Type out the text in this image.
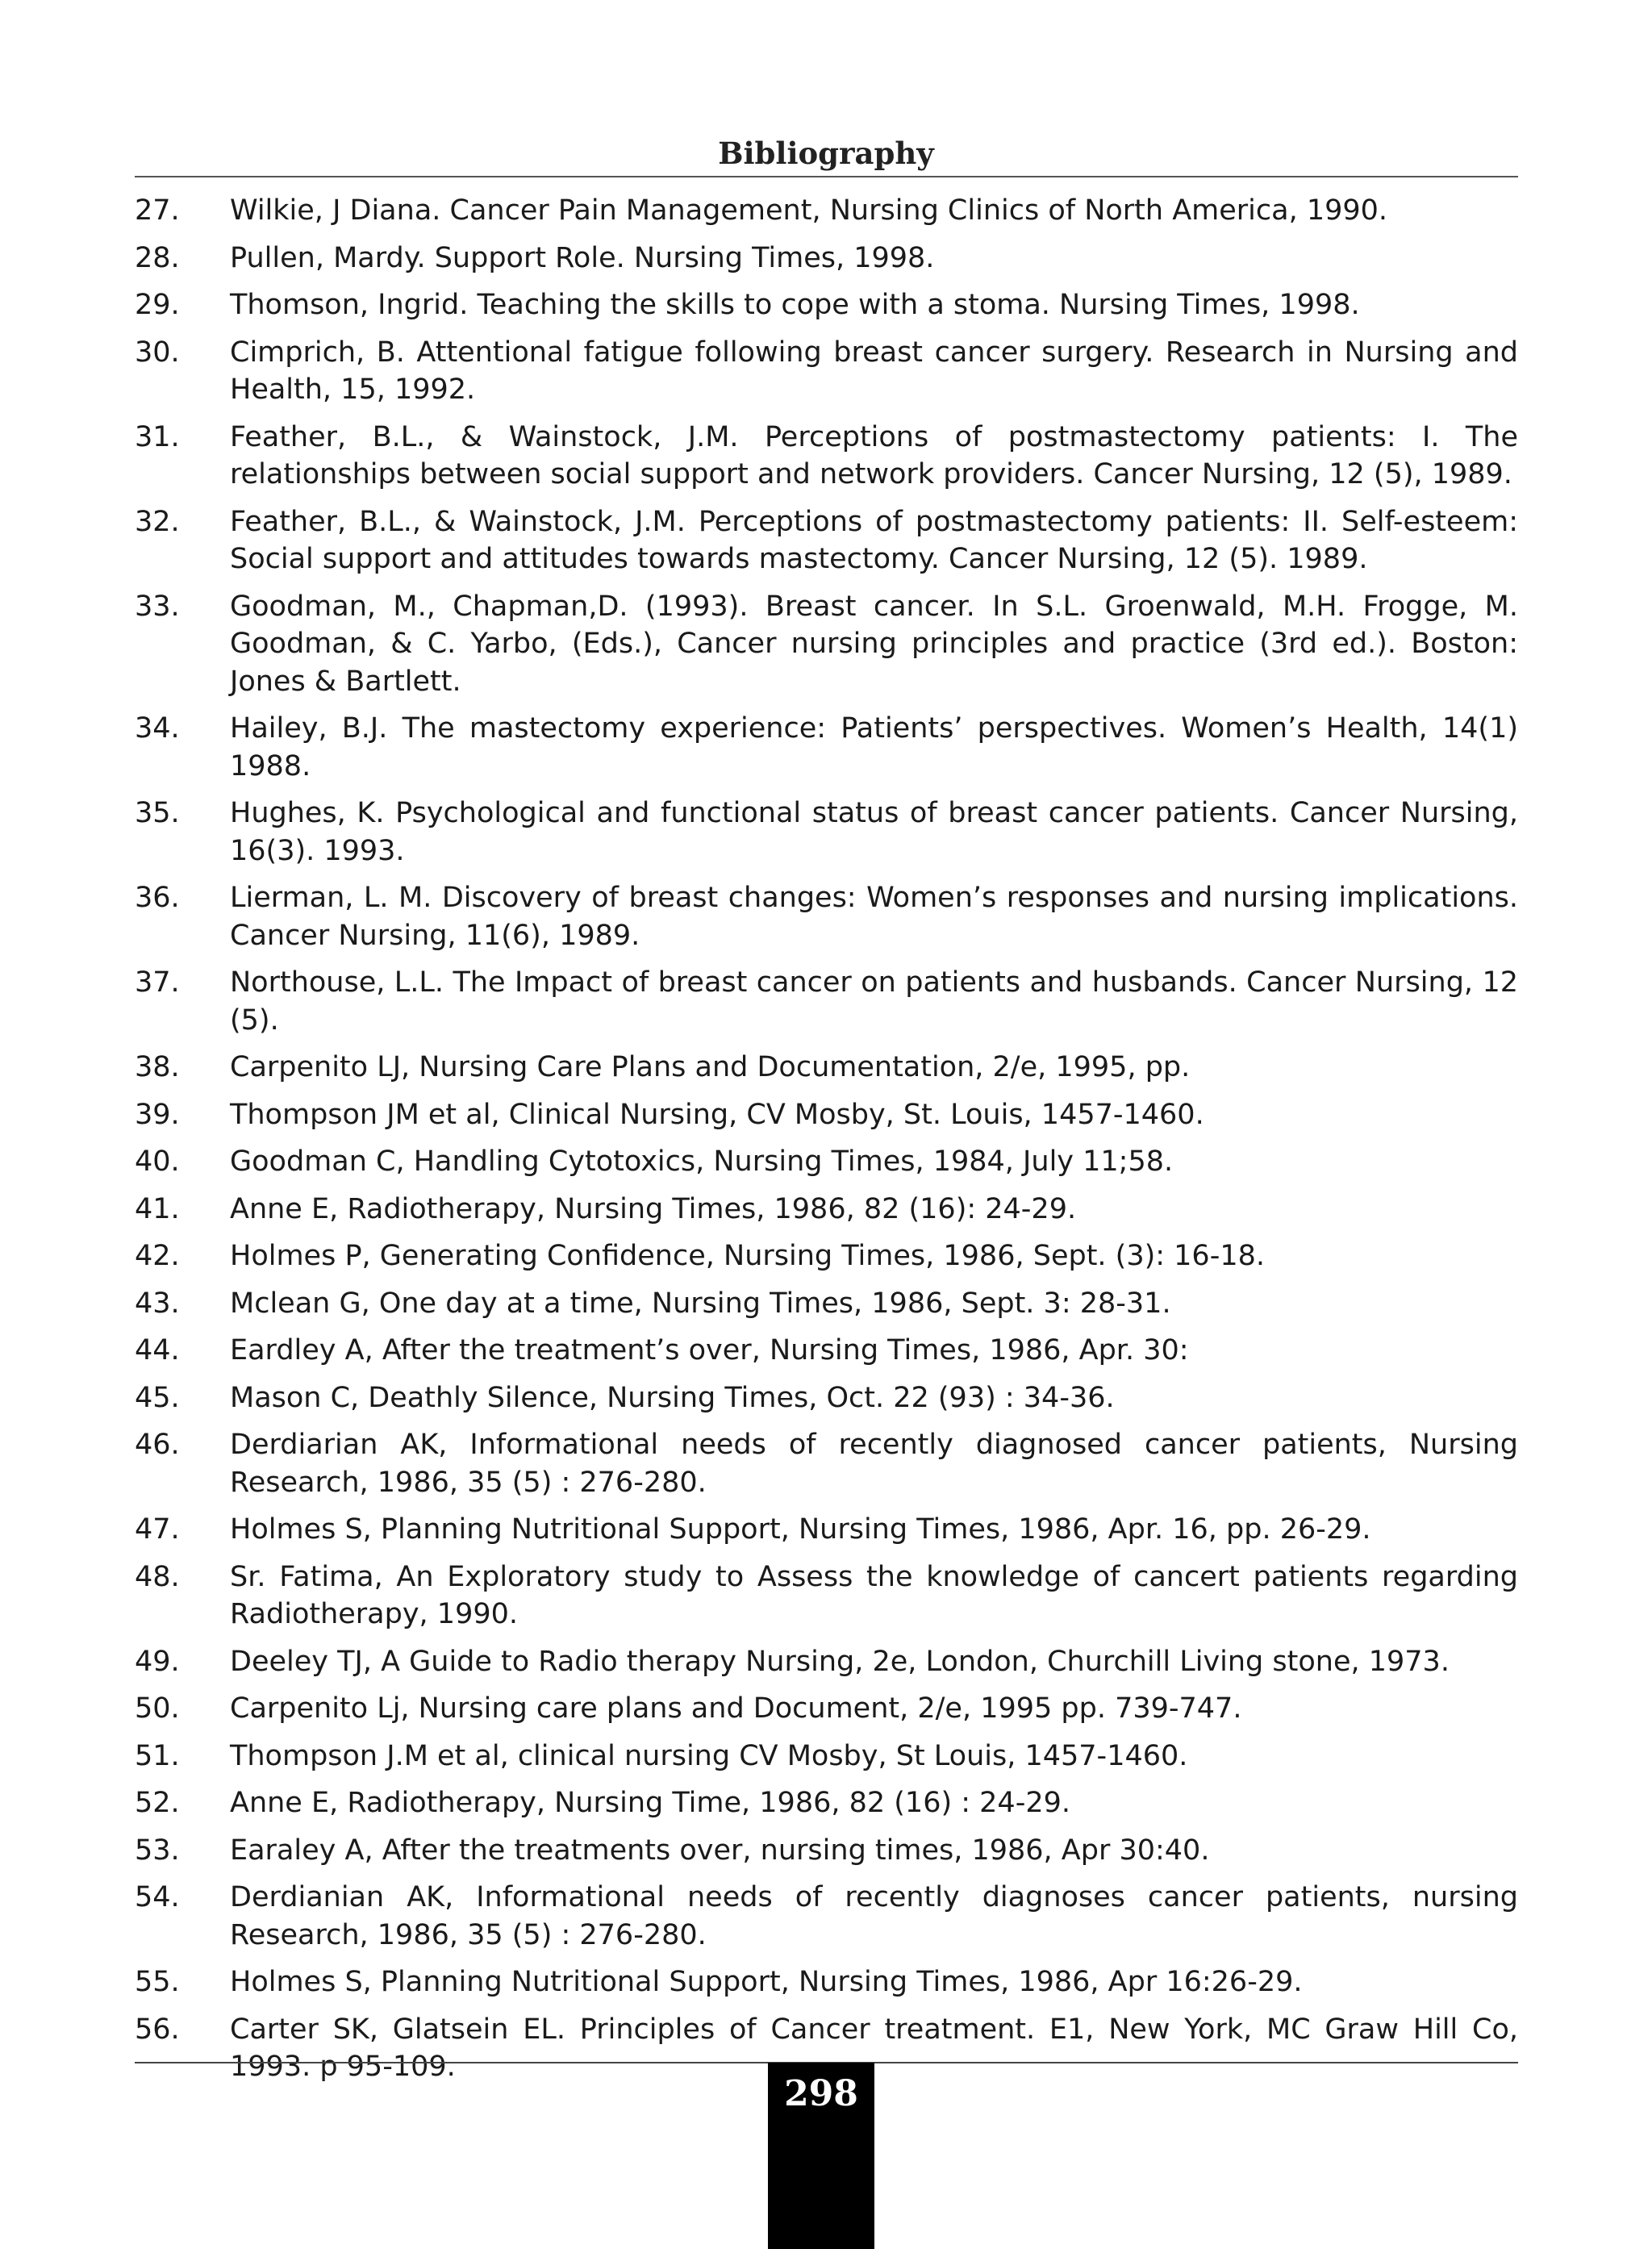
Bibliography
27.	Wilkie, J Diana. Cancer Pain Management, Nursing Clinics of North America, 1990.
28.	Pullen, Mardy. Support Role. Nursing Times, 1998.
29.	Thomson, Ingrid. Teaching the skills to cope with a stoma. Nursing Times, 1998.
30.	Cimprich, B. Attentional fatigue following breast cancer surgery. Research in Nursing and Health, 15, 1992.
31.	Feather, B.L., & Wainstock, J.M. Perceptions of postmastectomy patients: I. The relationships between social support and network providers. Cancer Nursing, 12 (5), 1989.
32.	Feather, B.L., & Wainstock, J.M. Perceptions of postmastectomy patients: II. Self-esteem: Social support and attitudes towards mastectomy. Cancer Nursing, 12 (5). 1989.
33.	Goodman, M., Chapman,D. (1993). Breast cancer. In S.L. Groenwald, M.H. Frogge, M. Goodman, & C. Yarbo, (Eds.), Cancer nursing principles and practice (3rd ed.). Boston: Jones & Bartlett.
34.	Hailey, B.J. The mastectomy experience: Patients’ perspectives. Women’s Health, 14(1) 1988.
35.	Hughes, K. Psychological and functional status of breast cancer patients. Cancer Nursing, 16(3). 1993.
36.	Lierman, L. M. Discovery of breast changes: Women’s responses and nursing implications. Cancer Nursing, 11(6), 1989.
37.	Northouse, L.L. The Impact of breast cancer on patients and husbands. Cancer Nursing, 12 (5).
38.	Carpenito LJ, Nursing Care Plans and Documentation, 2/e, 1995, pp.
39.	Thompson JM et al, Clinical Nursing, CV Mosby, St. Louis, 1457-1460.
40.	Goodman C, Handling Cytotoxics, Nursing Times, 1984, July 11;58.
41.	Anne E, Radiotherapy, Nursing Times, 1986, 82 (16): 24-29.
42.	Holmes P, Generating Confidence, Nursing Times, 1986, Sept. (3): 16-18.
43.	Mclean G, One day at a time, Nursing Times, 1986, Sept. 3: 28-31.
44.	Eardley A, After the treatment’s over, Nursing Times, 1986, Apr. 30:
45.	Mason C, Deathly Silence, Nursing Times, Oct. 22 (93) : 34-36.
46.	Derdiarian AK, Informational needs of recently diagnosed cancer patients, Nursing Research, 1986, 35 (5) : 276-280.
47.	Holmes S, Planning Nutritional Support, Nursing Times, 1986, Apr. 16, pp. 26-29.
48.	Sr. Fatima, An Exploratory study to Assess the knowledge of cancert patients regarding Radiotherapy, 1990.
49.	Deeley TJ, A Guide to Radio therapy Nursing, 2e, London, Churchill Living stone, 1973.
50.	Carpenito Lj, Nursing care plans and Document, 2/e, 1995 pp. 739-747.
51.	Thompson J.M et al, clinical nursing CV Mosby, St Louis, 1457-1460.
52.	Anne E, Radiotherapy, Nursing Time, 1986, 82 (16) : 24-29.
53.	Earaley A, After the treatments over, nursing times, 1986, Apr 30:40.
54.	Derdianian AK, Informational needs of recently diagnoses cancer patients, nursing Research, 1986, 35 (5) : 276-280.
55.	Holmes S, Planning Nutritional Support, Nursing Times, 1986, Apr 16:26-29.
56.	Carter SK, Glatsein EL. Principles of Cancer treatment. E1, New York, MC Graw Hill Co, 1993. p 95-109.
298
